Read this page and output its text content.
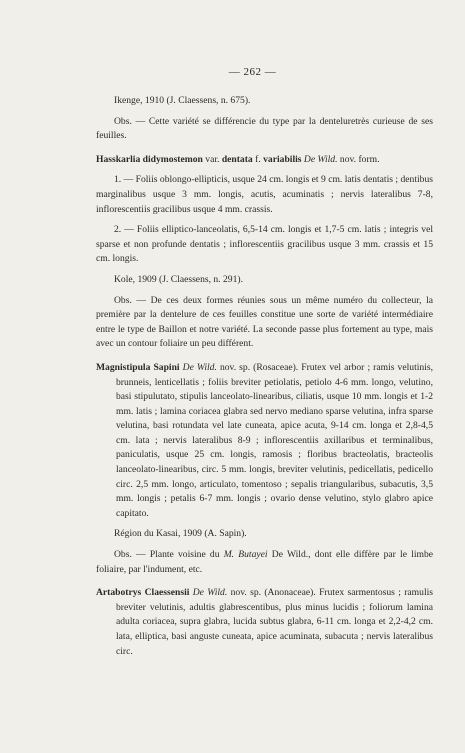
— 262 —

Ikenge, 1910 (J. Claessens, n. 675).

Obs. — Cette variété se différencie du type par la denteluretrès curieuse de ses feuilles.

Hasskarlia didymostemon var. dentata f. variabilis De Wild. nov. form.

1. — Foliis oblongo-ellipticis, usque 24 cm. longis et 9 cm. latis dentatis ; dentibus marginalibus usque 3 mm. longis, acutis, acuminatis ; nervis lateralibus 7-8, inflorescentiis gracilibus usque 4 mm. crassis.

2. — Foliis elliptico-lanceolatis, 6,5-14 cm. longis et 1,7-5 cm. latis ; integris vel sparse et non profunde dentatis ; inflorescentiis gracilibus usque 3 mm. crassis et 15 cm. longis.

Kole, 1909 (J. Claessens, n. 291).

Obs. — De ces deux formes réunies sous un même numéro du collecteur, la première par la dentelure de ces feuilles constitue une sorte de variété intermédiaire entre le type de Baillon et notre variété. La seconde passe plus fortement au type, mais avec un contour foliaire un peu différent.

Magnistipula Sapini De Wild. nov. sp. (Rosaceae). Frutex vel arbor ; ramis velutinis, brunneis, lenticellatis ; foliis breviter petiolatis, petiolo 4-6 mm. longo, velutino, basi stipulutato, stipulis lanceolato-linearibus, ciliatis, usque 10 mm. longis et 1-2 mm. latis ; lamina coriacea glabra sed nervo mediano sparse velutina, infra sparse velutina, basi rotundata vel late cuneata, apice acuta, 9-14 cm. longa et 2,8-4,5 cm. lata ; nervis lateralibus 8-9 ; inflorescentiis axillaribus et terminalibus, paniculatis, usque 25 cm. longis, ramosis ; floribus bracteolatis, bracteolis lanceolato-linearibus, circ. 5 mm. longis, breviter velutinis, pedicellatis, pedicello circ. 2,5 mm. longo, articulato, tomentoso ; sepalis triangularibus, subacutis, 3,5 mm. longis ; petalis 6-7 mm. longis ; ovario dense velutino, stylo glabro apice capitato.

Région du Kasai, 1909 (A. Sapin).

Obs. — Plante voisine du M. Butayei De Wild., dont elle diffère par le limbe foliaire, par l'indument, etc.

Artabotrys Claessensii De Wild. nov. sp. (Anonaceae). Frutex sarmentosus ; ramulis breviter velutinis, adultis glabrescentibus, plus minus lucidis ; foliorum lamina adulta coriacea, supra glabra, lucida subtus glabra, 6-11 cm. longa et 2,2-4,2 cm. lata, elliptica, basi anguste cuneata, apice acuminata, subacuta ; nervis lateralibus circ.
